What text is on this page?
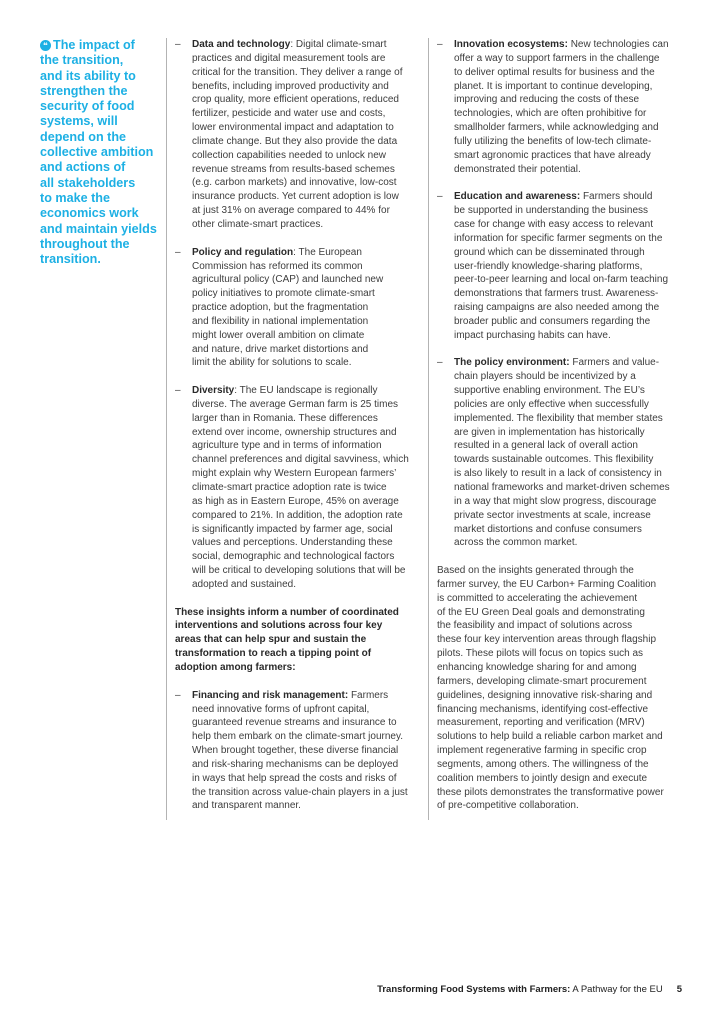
❝ The impact of
the transition,
and its ability to
strengthen the
security of food
systems, will
depend on the
collective ambition
and actions of
all stakeholders
to make the
economics work
and maintain yields
throughout the
transition.

– Data and technology: Digital climate-smart
practices and digital measurement tools are
critical for the transition. They deliver a range of
benefits, including improved productivity and
crop quality, more efficient operations, reduced
fertilizer, pesticide and water use and costs,
lower environmental impact and adaptation to
climate change. But they also provide the data
collection capabilities needed to unlock new
revenue streams from results-based schemes
(e.g. carbon markets) and innovative, low-cost
insurance products. Yet current adoption is low
at just 31% on average compared to 44% for
other climate-smart practices.
– Policy and regulation: The European
Commission has reformed its common
agricultural policy (CAP) and launched new
policy initiatives to promote climate-smart
practice adoption, but the fragmentation
and flexibility in national implementation
might lower overall ambition on climate
and nature, drive market distortions and
limit the ability for solutions to scale.
– Diversity: The EU landscape is regionally
diverse. The average German farm is 25 times
larger than in Romania. These differences
extend over income, ownership structures and
agriculture type and in terms of information
channel preferences and digital savviness, which
might explain why Western European farmers’
climate-smart practice adoption rate is twice
as high as in Eastern Europe, 45% on average
compared to 21%. In addition, the adoption rate
is significantly impacted by farmer age, social
values and perceptions. Understanding these
social, demographic and technological factors
will be critical to developing solutions that will be
adopted and sustained.
These insights inform a number of coordinated
interventions and solutions across four key
areas that can help spur and sustain the
transformation to reach a tipping point of
adoption among farmers:
– Financing and risk management: Farmers
need innovative forms of upfront capital,
guaranteed revenue streams and insurance to
help them embark on the climate-smart journey.
When brought together, these diverse financial
and risk-sharing mechanisms can be deployed
in ways that help spread the costs and risks of
the transition across value-chain players in a just
and transparent manner.
– Innovation ecosystems: New technologies can
offer a way to support farmers in the challenge
to deliver optimal results for business and the
planet. It is important to continue developing,
improving and reducing the costs of these
technologies, which are often prohibitive for
smallholder farmers, while acknowledging and
fully utilizing the benefits of low-tech climate-
smart agronomic practices that have already
demonstrated their potential.
– Education and awareness: Farmers should
be supported in understanding the business
case for change with easy access to relevant
information for specific farmer segments on the
ground which can be disseminated through
user-friendly knowledge-sharing platforms,
peer-to-peer learning and local on-farm teaching
demonstrations that farmers trust. Awareness-
raising campaigns are also needed among the
broader public and consumers regarding the
impact purchasing habits can have.
– The policy environment: Farmers and value-
chain players should be incentivized by a
supportive enabling environment. The EU’s
policies are only effective when successfully
implemented. The flexibility that member states
are given in implementation has historically
resulted in a general lack of overall action
towards sustainable outcomes. This flexibility
is also likely to result in a lack of consistency in
national frameworks and market-driven schemes
in a way that might slow progress, discourage
private sector investments at scale, increase
market distortions and confuse consumers
across the common market.
Based on the insights generated through the
farmer survey, the EU Carbon+ Farming Coalition
is committed to accelerating the achievement
of the EU Green Deal goals and demonstrating
the feasibility and impact of solutions across
these four key intervention areas through flagship
pilots. These pilots will focus on topics such as
enhancing knowledge sharing for and among
farmers, developing climate-smart procurement
guidelines, designing innovative risk-sharing and
financing mechanisms, identifying cost-effective
measurement, reporting and verification (MRV)
solutions to help build a reliable carbon market and
implement regenerative farming in specific crop
segments, among others. The willingness of the
coalition members to jointly design and execute
these pilots demonstrates the transformative power
of pre-competitive collaboration.
Transforming Food Systems with Farmers: A Pathway for the EU 5
